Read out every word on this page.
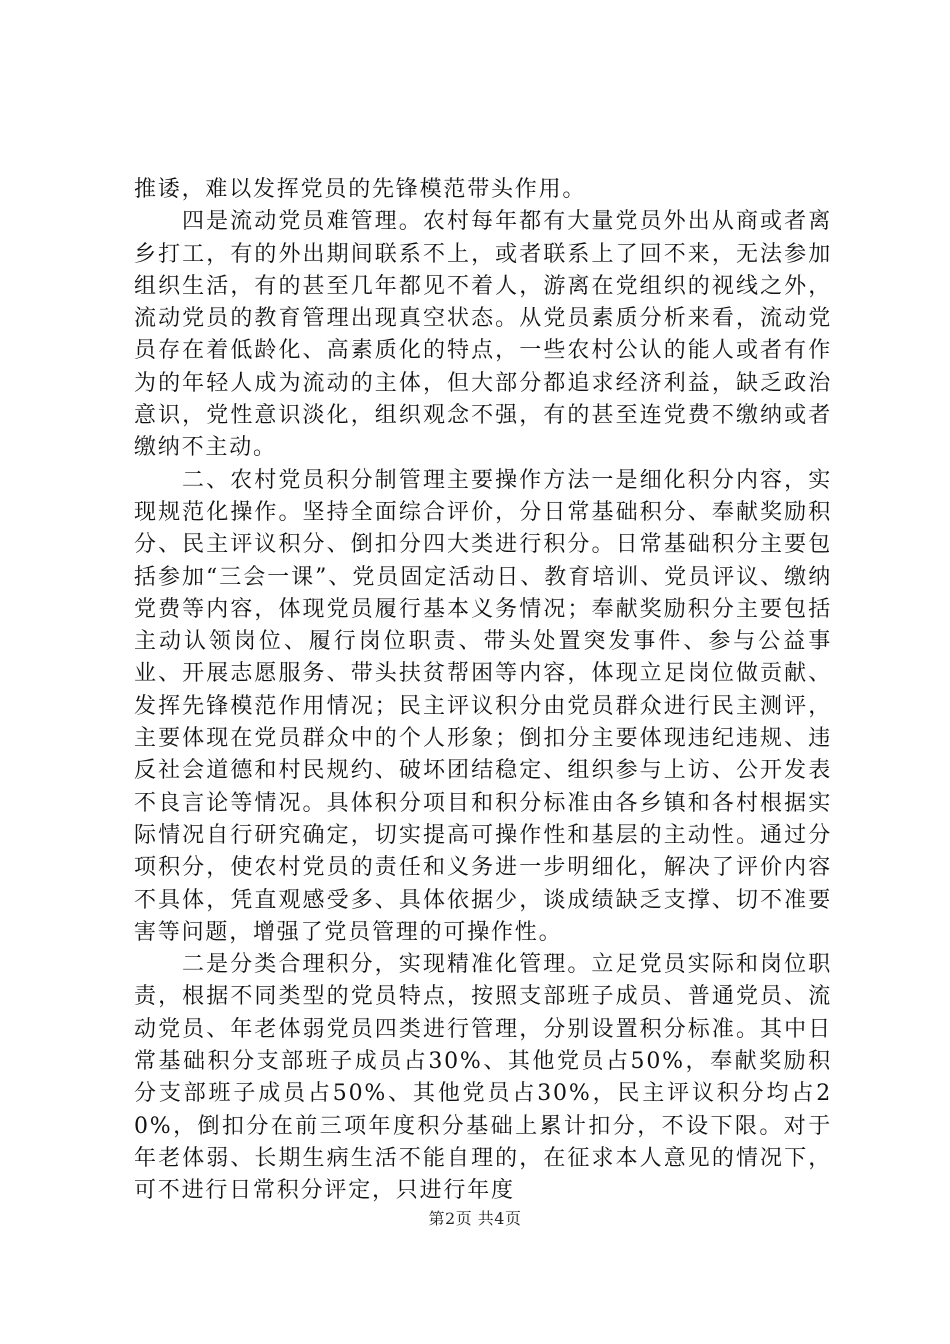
推诿，难以发挥党员的先锋模范带头作用。

四是流动党员难管理。农村每年都有大量党员外出从商或者离乡打工，有的外出期间联系不上，或者联系上了回不来，无法参加组织生活，有的甚至几年都见不着人，游离在党组织的视线之外，流动党员的教育管理出现真空状态。从党员素质分析来看，流动党员存在着低龄化、高素质化的特点，一些农村公认的能人或者有作为的年轻人成为流动的主体，但大部分都追求经济利益，缺乏政治意识，党性意识淡化，组织观念不强，有的甚至连党费不缴纳或者缴纳不主动。

二、农村党员积分制管理主要操作方法一是细化积分内容，实现规范化操作。坚持全面综合评价，分日常基础积分、奉献奖励积分、民主评议积分、倒扣分四大类进行积分。日常基础积分主要包括参加“三会一课”、党员固定活动日、教育培训、党员评议、缴纳党费等内容，体现党员履行基本义务情况；奉献奖励积分主要包括主动认领岗位、履行岗位职责、带头处置突发事件、参与公益事业、开展志愿服务、带头扶贫帮困等内容，体现立足岗位做贡献、发挥先锋模范作用情况；民主评议积分由党员群众进行民主测评，主要体现在党员群众中的个人形象；倒扣分主要体现违纪违规、违反社会道德和村民规约、破坏团结稳定、组织参与上访、公开发表不良言论等情况。具体积分项目和积分标准由各乡镇和各村根据实际情况自行研究确定，切实提高可操作性和基层的主动性。通过分项积分，使农村党员的责任和义务进一步明细化，解决了评价内容不具体，凭直观感受多、具体依据少，谈成绩缺乏支撑、切不准要害等问题，增强了党员管理的可操作性。

二是分类合理积分，实现精准化管理。立足党员实际和岗位职责，根据不同类型的党员特点，按照支部班子成员、普通党员、流动党员、年老体弱党员四类进行管理，分别设置积分标准。其中日常基础积分支部班子成员占30%、其他党员占50%，奉献奖励积分支部班子成员占50%、其他党员占30%，民主评议积分均占20%，倒扣分在前三项年度积分基础上累计扣分，不设下限。对于年老体弱、长期生病生活不能自理的，在征求本人意见的情况下，可不进行日常积分评定，只进行年度

第2页 共4页
